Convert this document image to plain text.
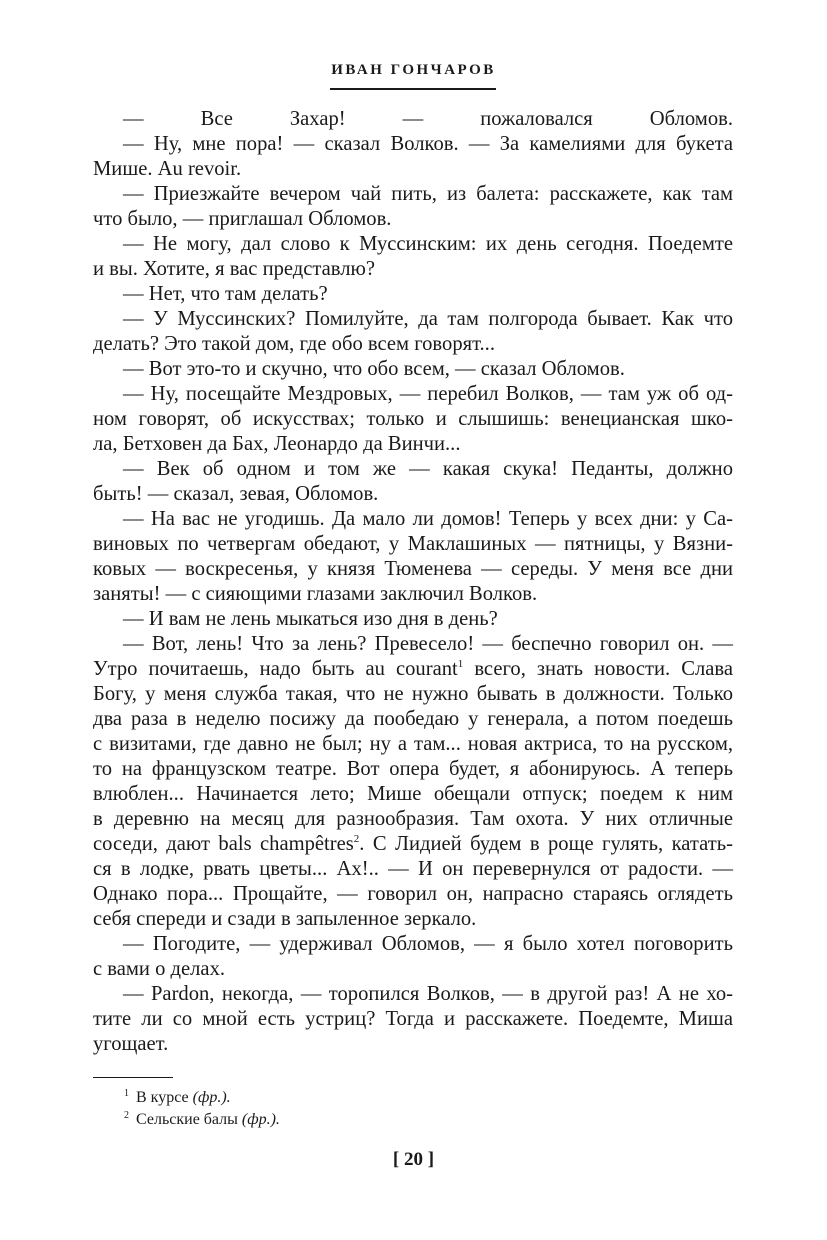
ИВАН ГОНЧАРОВ
— Все Захар! — пожаловался Обломов.
— Ну, мне пора! — сказал Волков. — За камелиями для букета
Мише. Au revoir.
— Приезжайте вечером чай пить, из балета: расскажете, как там
что было, — приглашал Обломов.
— Не могу, дал слово к Муссинским: их день сегодня. Поедемте
и вы. Хотите, я вас представлю?
— Нет, что там делать?
— У Муссинских? Помилуйте, да там полгорода бывает. Как что
делать? Это такой дом, где обо всем говорят...
— Вот это-то и скучно, что обо всем, — сказал Обломов.
— Ну, посещайте Мездровых, — перебил Волков, — там уж об од-
ном говорят, об искусствах; только и слышишь: венецианская шко-
ла, Бетховен да Бах, Леонардо да Винчи...
— Век об одном и том же — какая скука! Педанты, должно
быть! — сказал, зевая, Обломов.
— На вас не угодишь. Да мало ли домов! Теперь у всех дни: у Са-
виновых по четвергам обедают, у Маклашиных — пятницы, у Вязни-
ковых — воскресенья, у князя Тюменева — середы. У меня все дни
заняты! — с сияющими глазами заключил Волков.
— И вам не лень мыкаться изо дня в день?
— Вот, лень! Что за лень? Превесело! — беспечно говорил он. —
Утро почитаешь, надо быть au courant$^1$ всего, знать новости. Слава
Богу, у меня служба такая, что не нужно бывать в должности. Только
два раза в неделю посижу да пообедаю у генерала, а потом поедешь
с визитами, где давно не был; ну а там... новая актриса, то на русском,
то на французском театре. Вот опера будет, я абонируюсь. А теперь
влюблен... Начинается лето; Мише обещали отпуск; поедем к ним
в деревню на месяц для разнообразия. Там охота. У них отличные
соседи, дают bals champêtres$^2$. С Лидией будем в роще гулять, катать-
ся в лодке, рвать цветы... Ах!.. — И он перевернулся от радости. —
Однако пора... Прощайте, — говорил он, напрасно стараясь оглядеть
себя спереди и сзади в запыленное зеркало.
— Погодите, — удерживал Обломов, — я было хотел поговорить
с вами о делах.
— Pardon, некогда, — торопился Волков, — в другой раз! А не хо-
тите ли со мной есть устриц? Тогда и расскажете. Поедемте, Миша
угощает.
$^1$ В курсе (фр.).
$^2$ Сельские балы (фр.).
[ 20 ]
